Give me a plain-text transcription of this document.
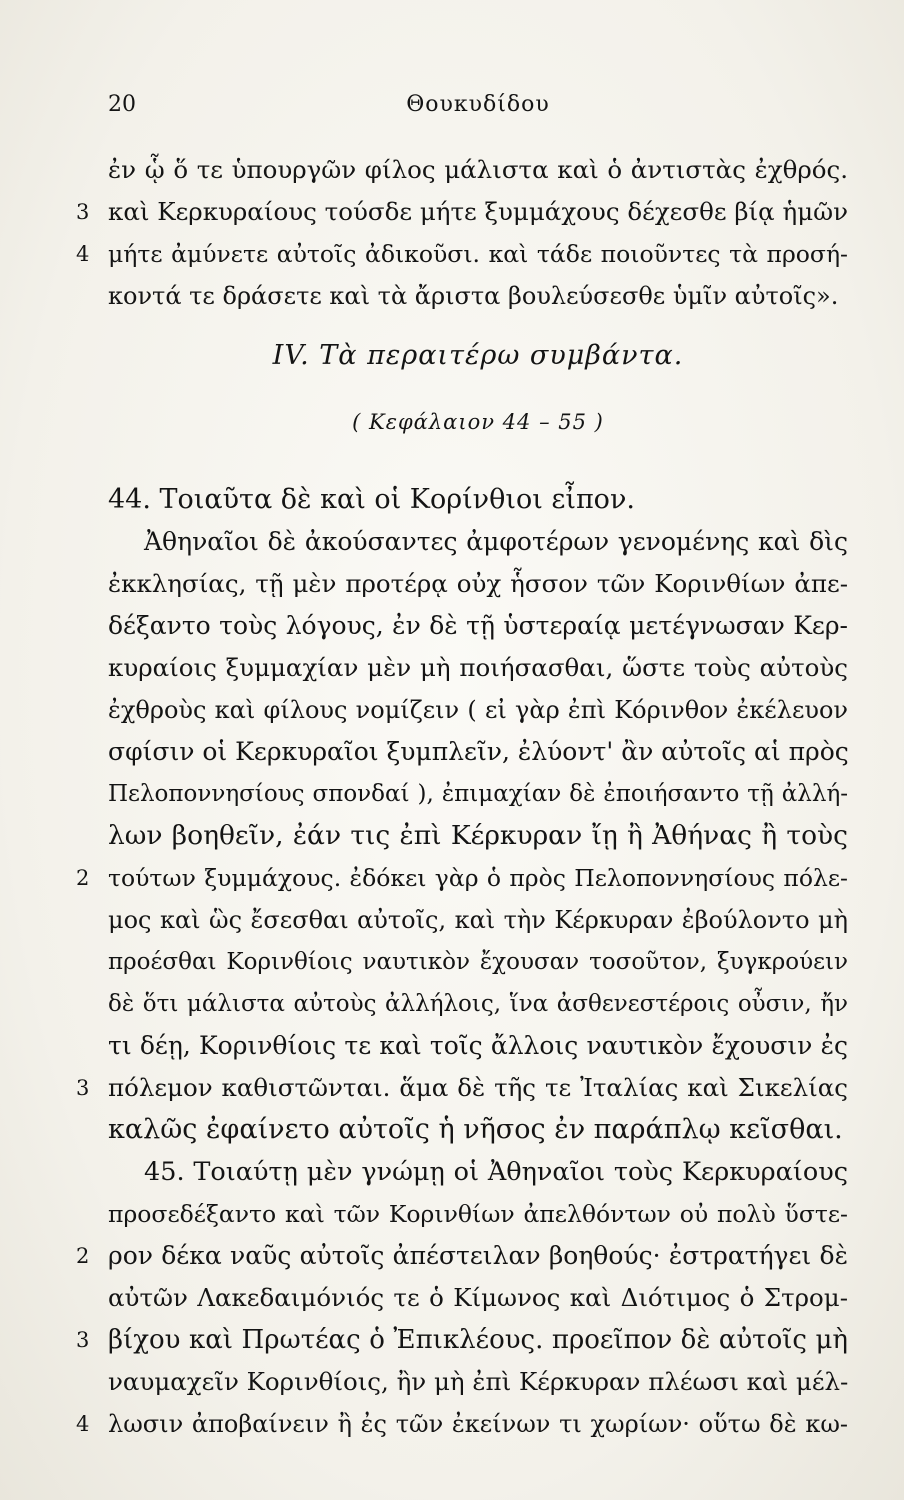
20	Θουκυδίδου
ἐν ᾧ ὅ τε ὑπουργῶν φίλος μάλιστα καὶ ὁ ἀντιστὰς ἐχθρός.
3 καὶ Κερκυραίους τούσδε μήτε ξυμμάχους δέχεσθε βίᾳ ἡμῶν
4 μήτε ἀμύνετε αὐτοῖς ἀδικοῦσι. καὶ τάδε ποιοῦντες τὰ προσή-
κοντά τε δράσετε καὶ τὰ ἄριστα βουλεύσεσθε ὑμῖν αὐτοῖς».
IV. Τὰ περαιτέρω συμβάντα.
( Κεφάλαιον 44 – 55 )
44. Τοιαῦτα δὲ καὶ οἱ Κορίνθιοι εἶπον.
Ἀθηναῖοι δὲ ἀκούσαντες ἀμφοτέρων γενομένης καὶ δὶς
ἐκκλησίας, τῇ μὲν προτέρᾳ οὐχ ἧσσον τῶν Κορινθίων ἀπε-
δέξαντο τοὺς λόγους, ἐν δὲ τῇ ὑστεραίᾳ μετέγνωσαν Κερ-
κυραίοις ξυμμαχίαν μὲν μὴ ποιήσασθαι, ὥστε τοὺς αὐτοὺς
ἐχθροὺς καὶ φίλους νομίζειν ( εἰ γὰρ ἐπὶ Κόρινθον ἐκέλευον
σφίσιν οἱ Κερκυραῖοι ξυμπλεῖν, ἐλύοντ' ἂν αὐτοῖς αἱ πρὸς
Πελοποννησίους σπονδαί ), ἐπιμαχίαν δὲ ἐποιήσαντο τῇ ἀλλή-
λων βοηθεῖν, ἐάν τις ἐπὶ Κέρκυραν ἴῃ ἢ Ἀθήνας ἢ τοὺς
2 τούτων ξυμμάχους. ἐδόκει γὰρ ὁ πρὸς Πελοποννησίους πόλε-
μος καὶ ὣς ἔσεσθαι αὐτοῖς, καὶ τὴν Κέρκυραν ἐβούλοντο μὴ
προέσθαι Κορινθίοις ναυτικὸν ἔχουσαν τοσοῦτον, ξυγκρούειν
δὲ ὅτι μάλιστα αὐτοὺς ἀλλήλοις, ἵνα ἀσθενεστέροις οὖσιν, ἤν
τι δέῃ, Κορινθίοις τε καὶ τοῖς ἄλλοις ναυτικὸν ἔχουσιν ἐς
3 πόλεμον καθιστῶνται. ἅμα δὲ τῆς τε Ἰταλίας καὶ Σικελίας
καλῶς ἐφαίνετο αὐτοῖς ἡ νῆσος ἐν παράπλῳ κεῖσθαι.
45. Τοιαύτῃ μὲν γνώμῃ οἱ Ἀθηναῖοι τοὺς Κερκυραίους
προσεδέξαντο καὶ τῶν Κορινθίων ἀπελθόντων οὐ πολὺ ὕστε-
2 ρον δέκα ναῦς αὐτοῖς ἀπέστειλαν βοηθούς· ἐστρατήγει δὲ
αὐτῶν Λακεδαιμόνιός τε ὁ Κίμωνος καὶ Διότιμος ὁ Στρομ-
3 βίχου καὶ Πρωτέας ὁ Ἐπικλέους. προεῖπον δὲ αὐτοῖς μὴ
ναυμαχεῖν Κορινθίοις, ἢν μὴ ἐπὶ Κέρκυραν πλέωσι καὶ μέλ-
4 λωσιν ἀποβαίνειν ἢ ἐς τῶν ἐκείνων τι χωρίων· οὕτω δὲ κω-
